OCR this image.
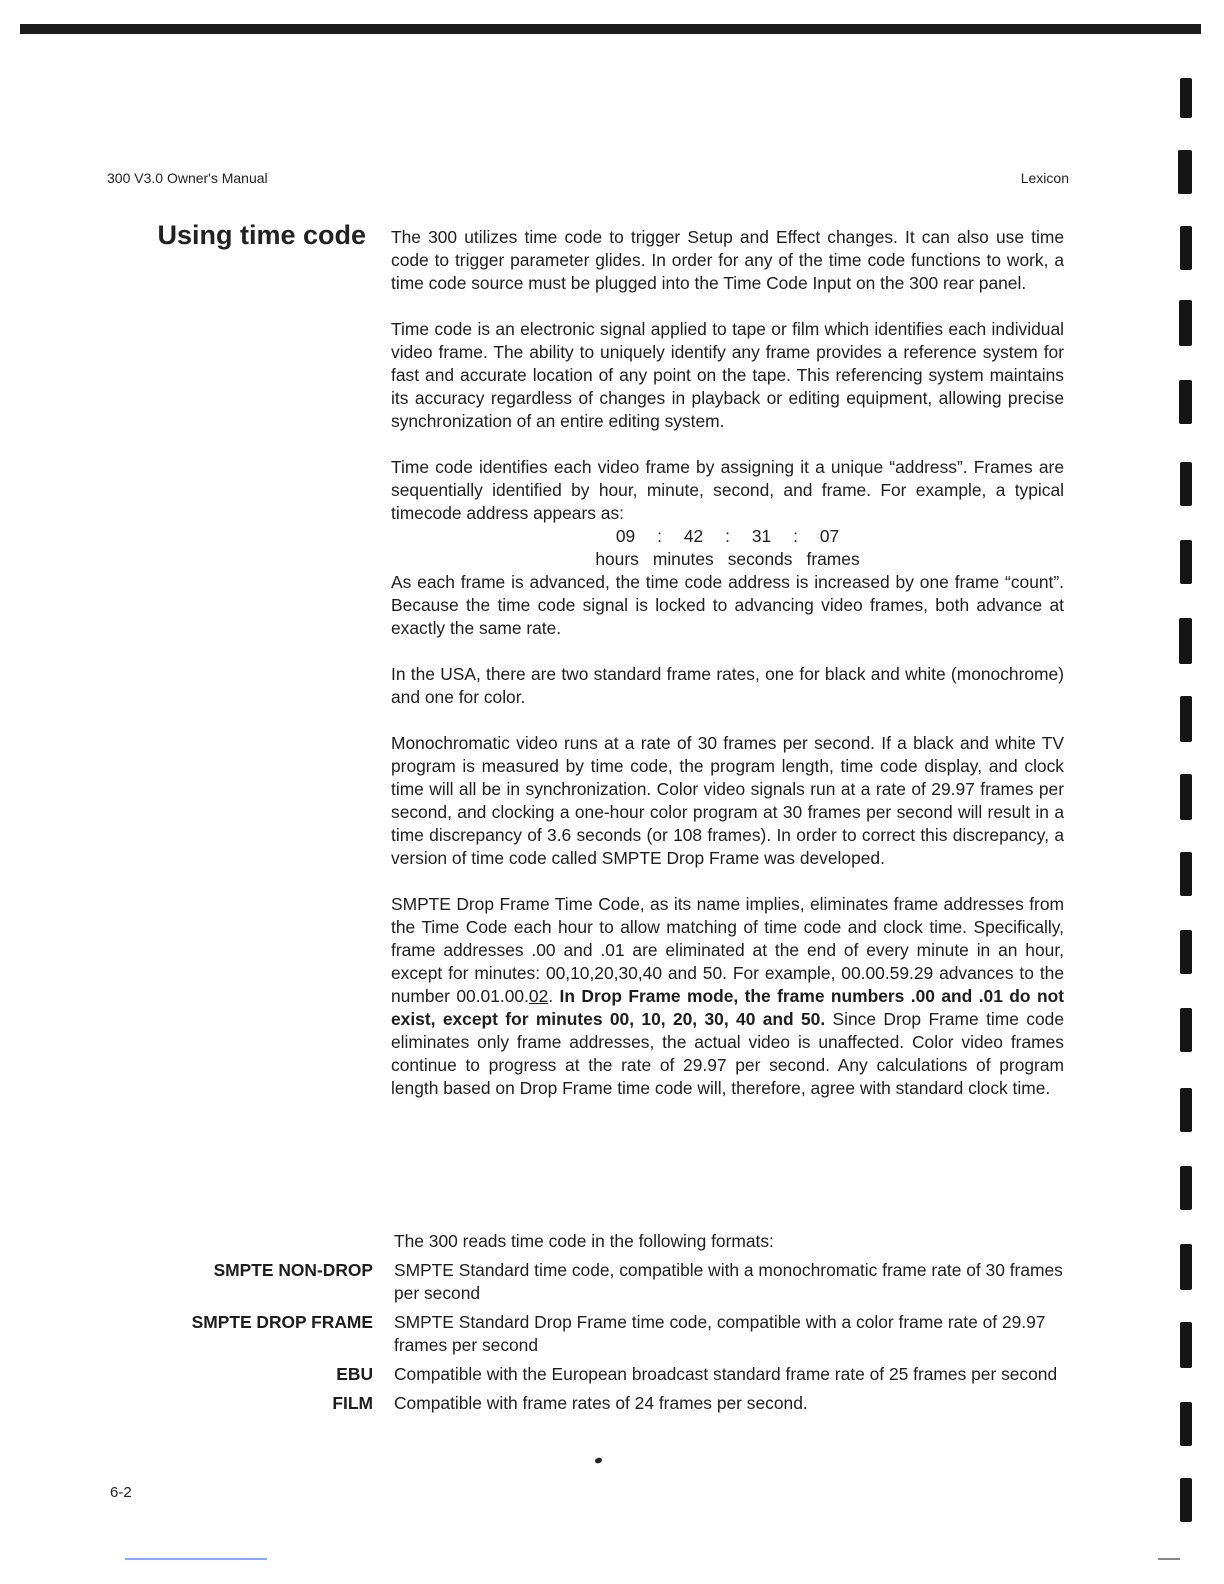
300 V3.0 Owner's Manual	Lexicon
Using time code The 300 utilizes time code to trigger Setup and Effect changes. It can also use time code to trigger parameter glides. In order for any of the time code functions to work, a time code source must be plugged into the Time Code Input on the 300 rear panel.

Time code is an electronic signal applied to tape or film which identifies each individual video frame. The ability to uniquely identify any frame provides a reference system for fast and accurate location of any point on the tape. This referencing system maintains its accuracy regardless of changes in playback or editing equipment, allowing precise synchronization of an entire editing system.

Time code identifies each video frame by assigning it a unique “address”. Frames are sequentially identified by hour, minute, second, and frame. For example, a typical timecode address appears as:

09	:	42	:	31	:	07
hours minutes seconds frames

As each frame is advanced, the time code address is increased by one frame “count”. Because the time code signal is locked to advancing video frames, both advance at exactly the same rate.

In the USA, there are two standard frame rates, one for black and white (monochrome) and one for color.

Monochromatic video runs at a rate of 30 frames per second. If a black and white TV program is measured by time code, the program length, time code display, and clock time will all be in synchronization. Color video signals run at a rate of 29.97 frames per second, and clocking a one-hour color program at 30 frames per second will result in a time discrepancy of 3.6 seconds (or 108 frames). In order to correct this discrepancy, a version of time code called SMPTE Drop Frame was developed.

SMPTE Drop Frame Time Code, as its name implies, eliminates frame addresses from the Time Code each hour to allow matching of time code and clock time. Specifically, frame addresses .00 and .01 are eliminated at the end of every minute in an hour, except for minutes: 00,10,20,30,40 and 50. For example, 00.00.59.29 advances to the number 00.01.00.02. In Drop Frame mode, the frame numbers .00 and .01 do not exist, except for minutes 00, 10, 20, 30, 40 and 50. Since Drop Frame time code eliminates only frame addresses, the actual video is unaffected. Color video frames continue to progress at the rate of 29.97 per second. Any calculations of program length based on Drop Frame time code will, therefore, agree with standard clock time.

The 300 reads time code in the following formats:
SMPTE NON-DROP	SMPTE Standard time code, compatible with a monochromatic frame rate of 30 frames per second
SMPTE DROP FRAME	SMPTE Standard Drop Frame time code, compatible with a color frame rate of 29.97 frames per second
EBU	Compatible with the European broadcast standard frame rate of 25 frames per second
FILM	Compatible with frame rates of 24 frames per second.
6-2
